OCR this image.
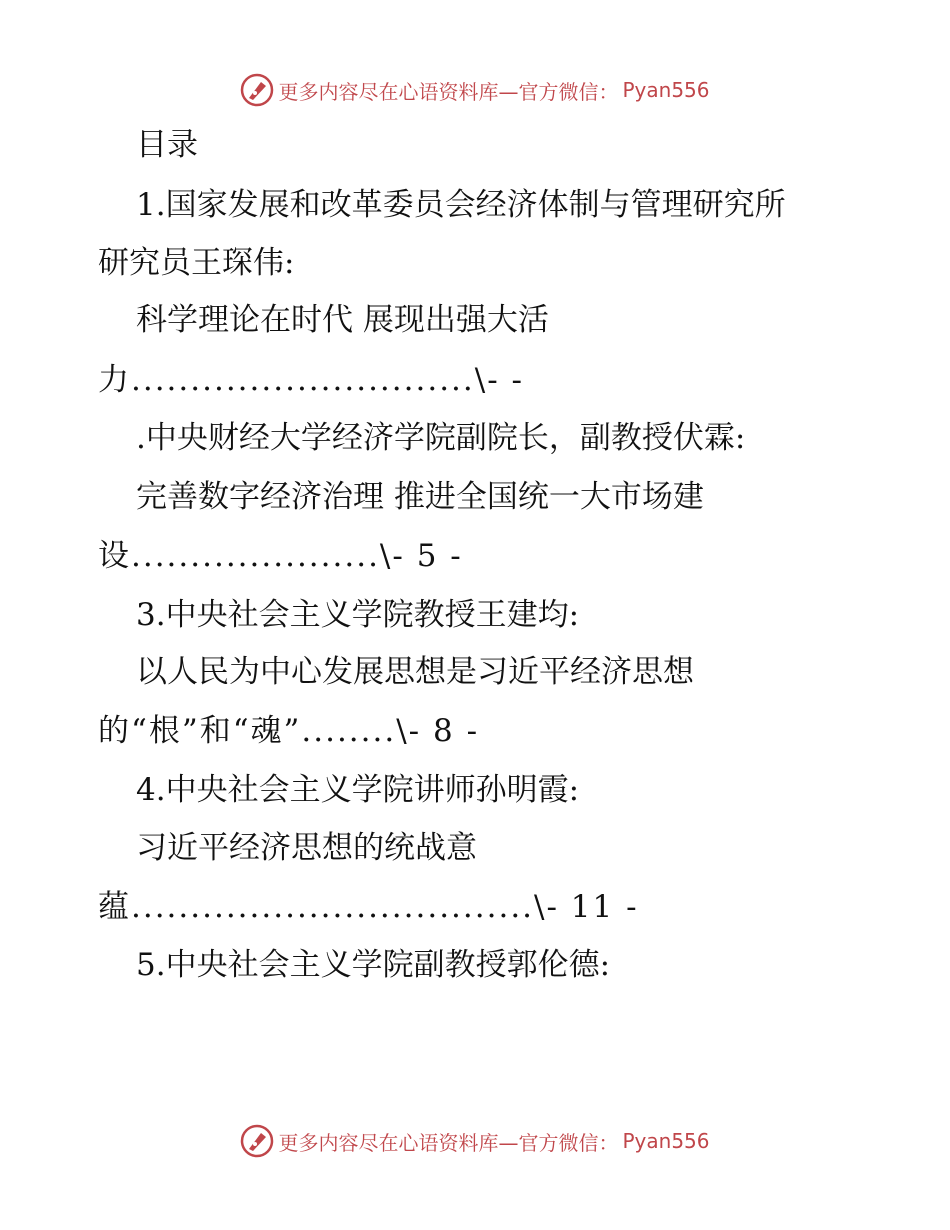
更多内容尽在心语资料库—官方微信： Pyan556
目录
1.国家发展和改革委员会经济体制与管理研究所
研究员王琛伟:
科学理论在时代 展现出强大活
力.............................\- -
.中央财经大学经济学院副院长，副教授伏霖:
完善数字经济治理 推进全国统一大市场建
设.....................\- 5 -
3.中央社会主义学院教授王建均:
以人民为中心发展思想是习近平经济思想
的“根”和“魂”........\- 8 -
4.中央社会主义学院讲师孙明霞:
习近平经济思想的统战意
蕴..................................\- 11 -
5.中央社会主义学院副教授郭伦德:
更多内容尽在心语资料库—官方微信： Pyan556
